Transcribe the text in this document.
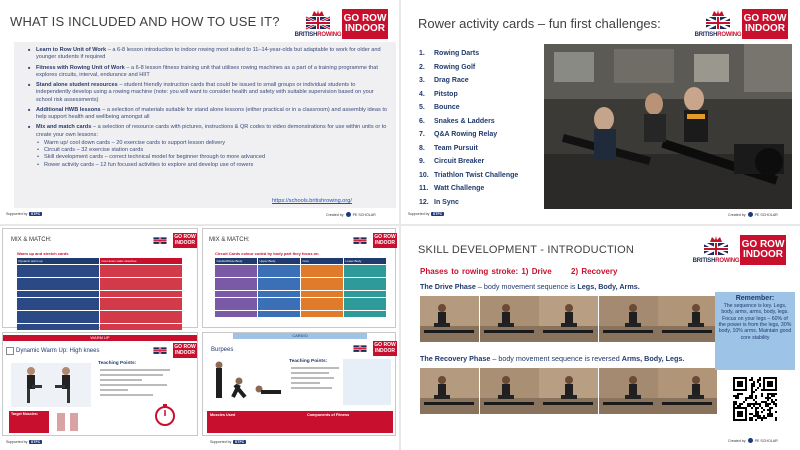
WHAT IS INCLUDED AND HOW TO USE IT?
BRITISHROWING
GO ROW
INDOOR
■ Learn to Row Unit of Work – a 6-8 lesson introduction to indoor rowing most suited to 11–14-year-olds but adaptable to work for older and younger students if required
■ Fitness with Rowing Unit of Work – a 6-8 lesson fitness training unit that utilises rowing machines as a part of a training programme that explores circuits, interval, endurance and HIIT
■ Stand alone student resources – student friendly instruction cards that could be issued to small groups or individual students to independently develop using a rowing machine (note: you will want to consider health and safety with suitable supervision based on your school risk assessments)
■ Additional HWB lessons – a selection of materials suitable for stand alone lessons (either practical or in a classroom) and assembly ideas to help support health and wellbeing amongst all
■ Mix and match cards – a selection of resource cards with pictures, instructions & QR codes to video demonstrations for use within units or to create your own lessons:
• Warm up/ cool down cards – 20 exercise cards to support lesson delivery
• Circuit cards – 32 exercise station cards
• Skill development cards – correct technical model for beginner through to more advanced
• Rower activity cards – 12 fun focused activities to explore and develop use of rowers
https://schools.britishrowing.org/
Supported by STFC	Created by	PE SCHOLAR
Rower activity cards – fun first challenges:
BRITISHROWING
GO ROW
INDOOR
1. Rowing Darts
2. Rowing Golf
3. Drag Race
4. Pitstop
5. Bounce
6. Snakes & Ladders
7. Q&A Rowing Relay
8. Team Pursuit
9. Circuit Breaker
10. Triathlon Twist Challenge
11. Watt Challenge
12. In Sync
Supported by STFC	Created by	PE SCHOLAR
MIX & MATCH:	GO ROW
INDOOR
Warm up and stretch cards
Dynamic warm up	Cool down static stretches
MIX & MATCH:	GO ROW
INDOOR
Circuit Cards colour coded by body part they focus on
Cardio/Whole Body	Upper Body	Core	Lower Body
WARM UP
Dynamic Warm Up: High knees
GO ROW
INDOOR
Teaching Points:
Target Muscles:
CARDIO
Burpees
GO ROW
INDOOR
Teaching Points:
Muscles Used	Components of Fitness
Supported by STFC	Supported by STFC
SKILL DEVELOPMENT - INTRODUCTION
BRITISHROWING
GO ROW
INDOOR
Phases to rowing stroke: 1) Drive      2) Recovery
The Drive Phase – body movement sequence is Legs, Body, Arms.
The Recovery Phase – body movement sequence is reversed Arms, Body, Legs.
Remember:
The sequence is key. Legs, body, arms, arms, body, legs. Focus on your legs – 60% of the power is from the legs, 30% body, 10% arms. Maintain good core stability
Created by	PE SCHOLAR
